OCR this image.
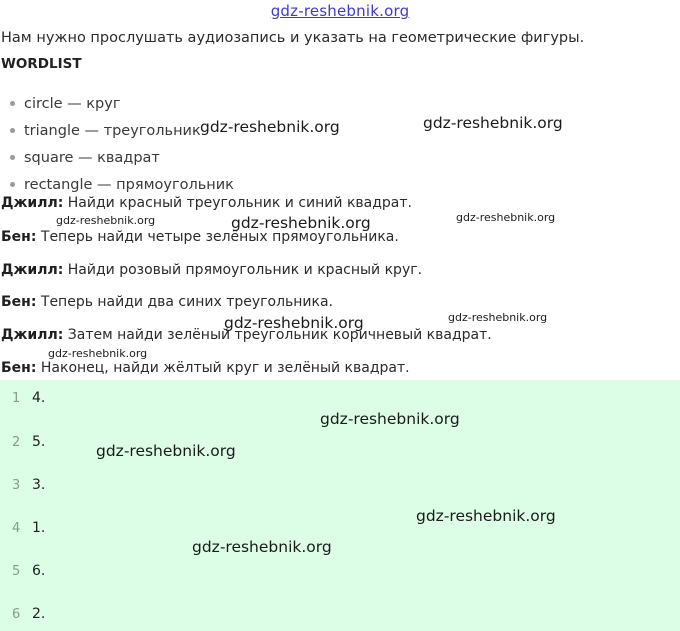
gdz-reshebnik.org
Нам нужно прослушать аудиозапись и указать на геометрические фигуры.
WORDLIST
circle — круг
triangle — треугольник
square — квадрат
rectangle — прямоугольник
Джилл: Найди красный треугольник и синий квадрат.
Бен: Теперь найди четыре зелёных прямоугольника.
Джилл: Найди розовый прямоугольник и красный круг.
Бен: Теперь найди два синих треугольника.
Джилл: Затем найди зелёный треугольник коричневый квадрат.
Бен: Наконец, найди жёлтый круг и зелёный квадрат.
1 4.
2 5.
3 3.
4 1.
5 6.
6 2.
gdz-reshebnik.org	gdz-reshebnik.org
gdz-reshebnik.org	gdz-reshebnik.org	gdz-reshebnik.org
gdz-reshebnik.org	gdz-reshebnik.org
gdz-reshebnik.org
gdz-reshebnik.org
gdz-reshebnik.org
gdz-reshebnik.org
gdz-reshebnik.org
